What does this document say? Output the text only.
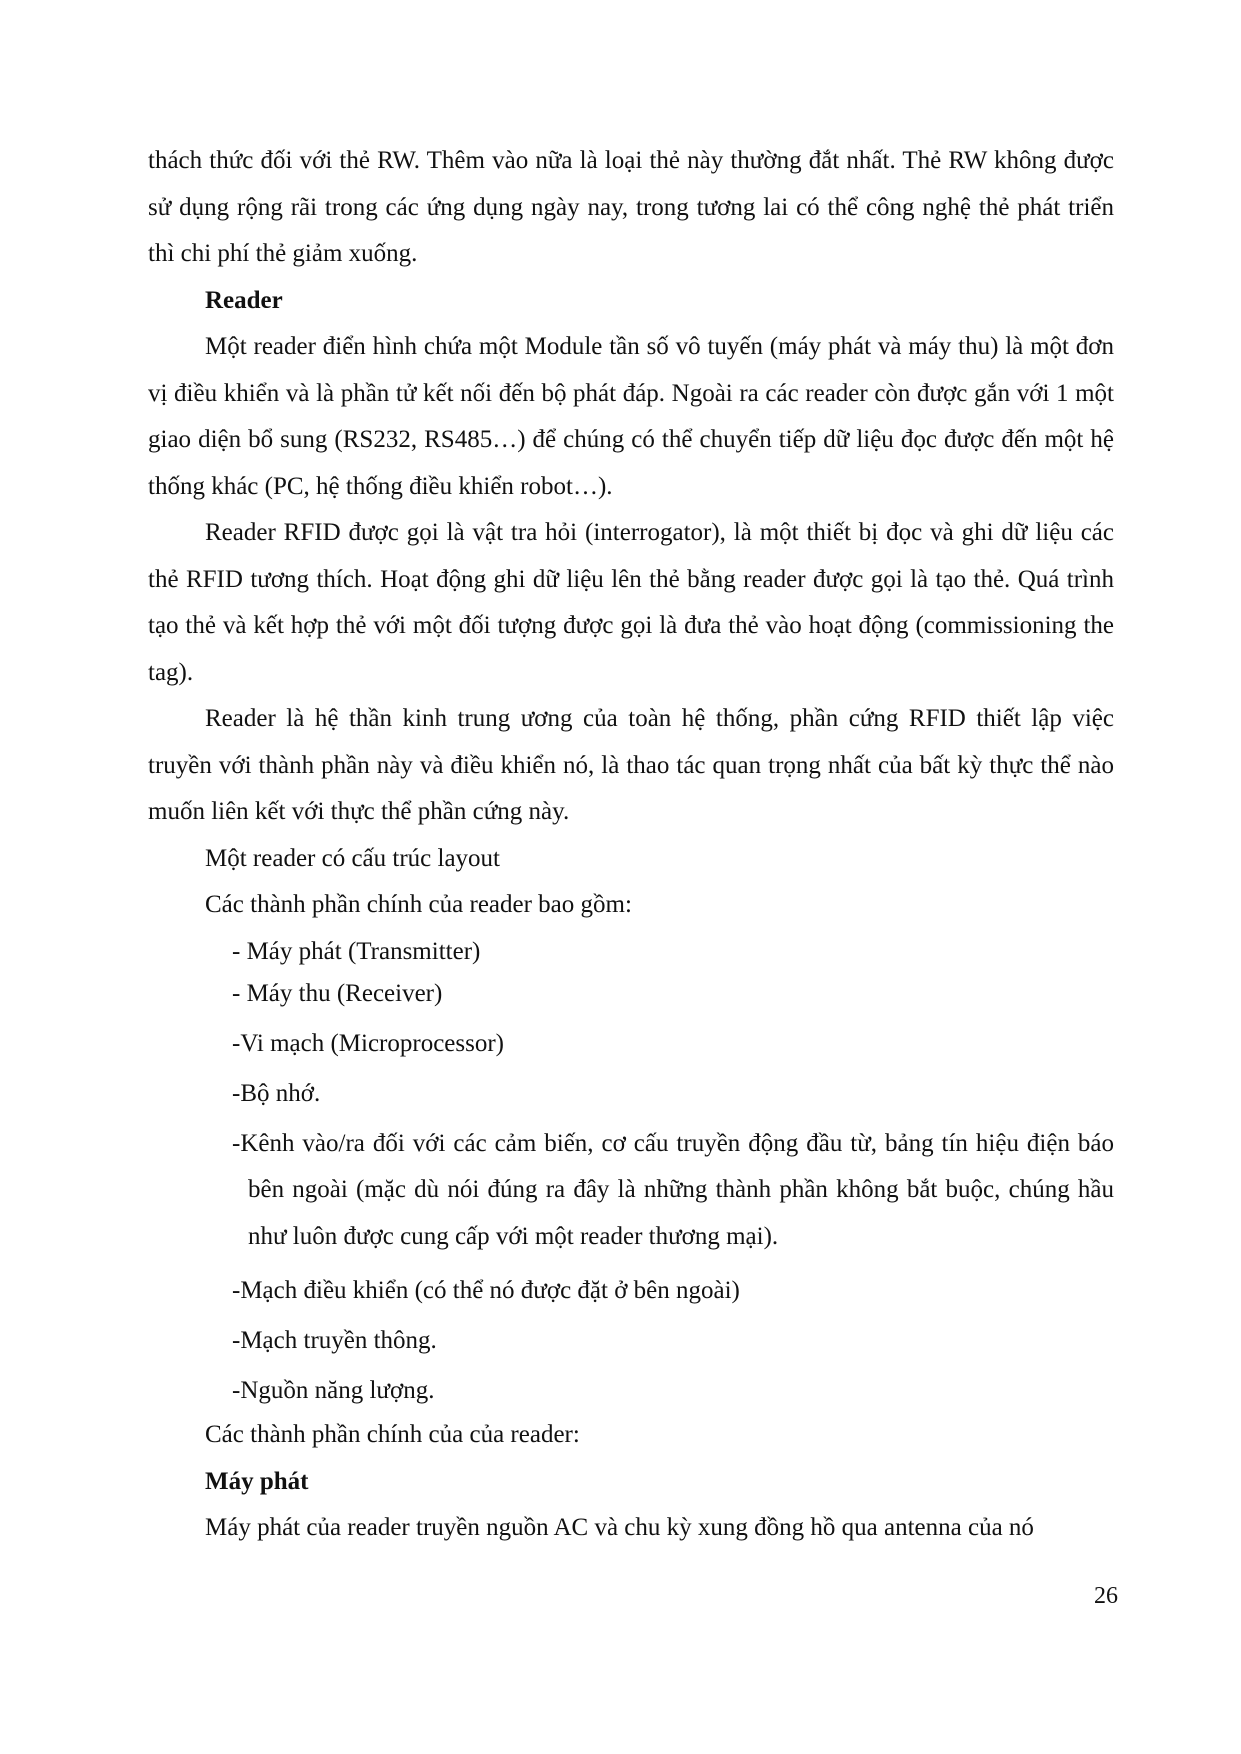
thách thức đối với thẻ RW. Thêm vào nữa là loại thẻ này thường đắt nhất. Thẻ RW không được sử dụng rộng rãi trong các ứng dụng ngày nay, trong tương lai có thể công nghệ thẻ phát triển thì chi phí thẻ giảm xuống.

Reader

Một reader điển hình chứa một Module tần số vô tuyến (máy phát và máy thu) là một đơn vị điều khiển và là phần tử kết nối đến bộ phát đáp. Ngoài ra các reader còn được gắn với 1 một giao diện bổ sung (RS232, RS485…) để chúng có thể chuyển tiếp dữ liệu đọc được đến một hệ thống khác (PC, hệ thống điều khiển robot…).

Reader RFID được gọi là vật tra hỏi (interrogator), là một thiết bị đọc và ghi dữ liệu các thẻ RFID tương thích. Hoạt động ghi dữ liệu lên thẻ bằng reader được gọi là tạo thẻ. Quá trình tạo thẻ và kết hợp thẻ với một đối tượng được gọi là đưa thẻ vào hoạt động (commissioning the tag).

Reader là hệ thần kinh trung ương của toàn hệ thống, phần cứng RFID thiết lập việc truyền với thành phần này và điều khiển nó, là thao tác quan trọng nhất của bất kỳ thực thể nào muốn liên kết với thực thể phần cứng này.

Một reader có cấu trúc layout

Các thành phần chính của reader bao gồm:

- Máy phát (Transmitter)

- Máy thu (Receiver)

-Vi mạch (Microprocessor)

-Bộ nhớ.

-Kênh vào/ra đối với các cảm biến, cơ cấu truyền động đầu từ, bảng tín hiệu điện báo bên ngoài (mặc dù nói đúng ra đây là những thành phần không bắt buộc, chúng hầu như luôn được cung cấp với một reader thương mại).

-Mạch điều khiển (có thể nó được đặt ở bên ngoài)

-Mạch truyền thông.

-Nguồn năng lượng.

Các thành phần chính của của reader:

Máy phát

Máy phát của reader truyền nguồn AC và chu kỳ xung đồng hồ qua antenna của nó

26
